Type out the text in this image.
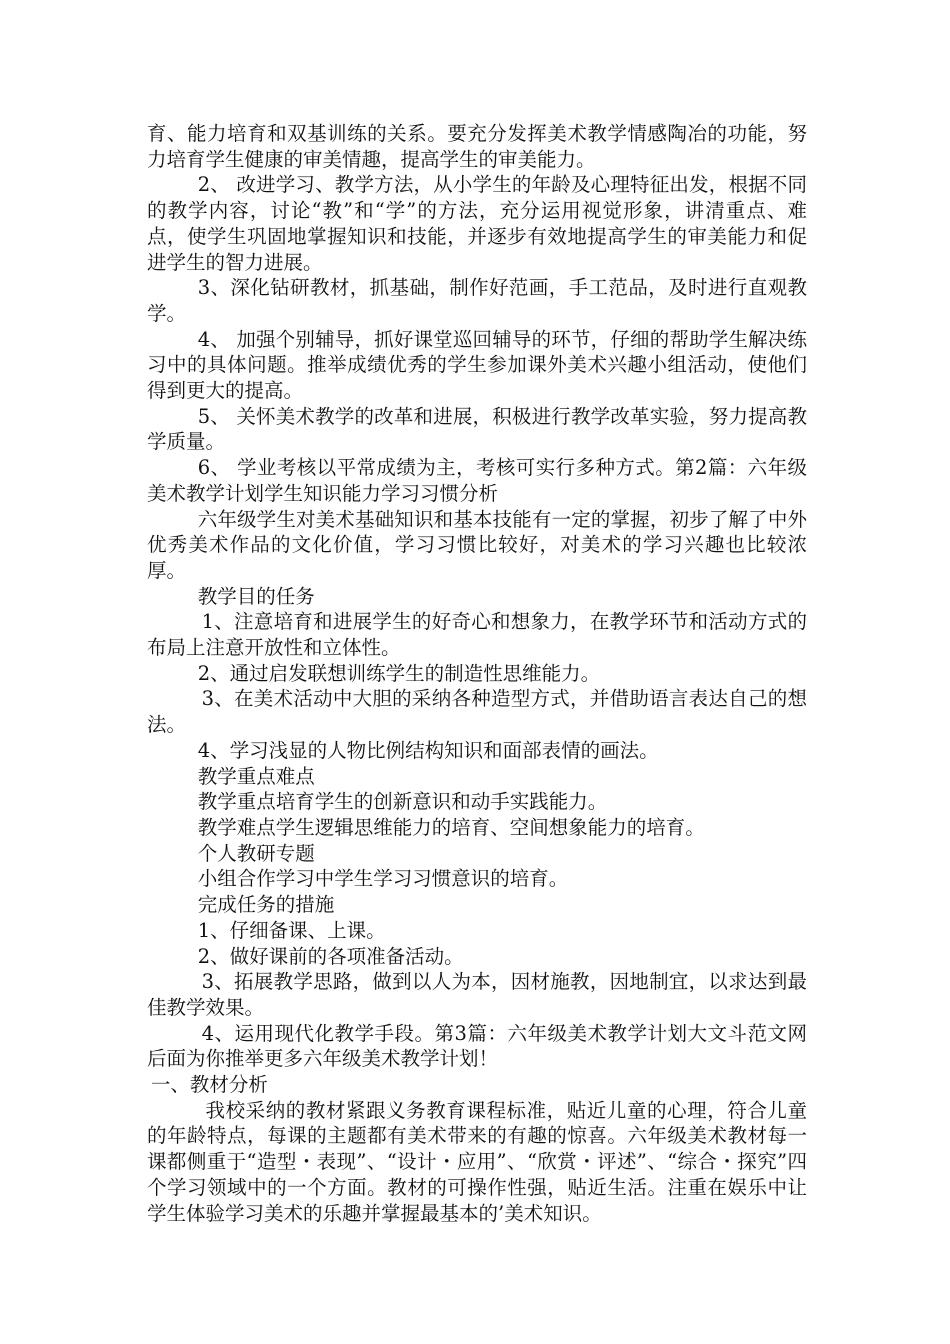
育、能力培育和双基训练的关系。要充分发挥美术教学情感陶冶的功能，努力培育学生健康的审美情趣，提高学生的审美能力。

2、 改进学习、教学方法，从小学生的年龄及心理特征出发，根据不同的教学内容，讨论“教”和“学”的方法，充分运用视觉形象，讲清重点、难点，使学生巩固地掌握知识和技能，并逐步有效地提高学生的审美能力和促进学生的智力进展。

3、深化钻研教材，抓基础，制作好范画，手工范品，及时进行直观教学。

4、 加强个别辅导，抓好课堂巡回辅导的环节，仔细的帮助学生解决练习中的具体问题。推举成绩优秀的学生参加课外美术兴趣小组活动，使他们得到更大的提高。

5、 关怀美术教学的改革和进展，积极进行教学改革实验，努力提高教学质量。

6、 学业考核以平常成绩为主，考核可实行多种方式。第2篇：六年级美术教学计划学生知识能力学习习惯分析

六年级学生对美术基础知识和基本技能有一定的掌握，初步了解了中外优秀美术作品的文化价值，学习习惯比较好，对美术的学习兴趣也比较浓厚。

教学目的任务

1、注意培育和进展学生的好奇心和想象力，在教学环节和活动方式的布局上注意开放性和立体性。

2、通过启发联想训练学生的制造性思维能力。

3、在美术活动中大胆的采纳各种造型方式，并借助语言表达自己的想法。

4、学习浅显的人物比例结构知识和面部表情的画法。

教学重点难点

教学重点培育学生的创新意识和动手实践能力。

教学难点学生逻辑思维能力的培育、空间想象能力的培育。

个人教研专题

小组合作学习中学生学习习惯意识的培育。

完成任务的措施

1、仔细备课、上课。

2、做好课前的各项准备活动。

3、拓展教学思路，做到以人为本，因材施教，因地制宜，以求达到最佳教学效果。

4、运用现代化教学手段。第3篇：六年级美术教学计划大文斗范文网后面为你推举更多六年级美术教学计划！

一、教材分析

我校采纳的教材紧跟义务教育课程标准，贴近儿童的心理，符合儿童的年龄特点，每课的主题都有美术带来的有趣的惊喜。六年级美术教材每一课都侧重于“造型・表现”、“设计・应用”、“欣赏・评述”、“综合・探究”四个学习领域中的一个方面。教材的可操作性强，贴近生活。注重在娱乐中让学生体验学习美术的乐趣并掌握最基本的’美术知识。
